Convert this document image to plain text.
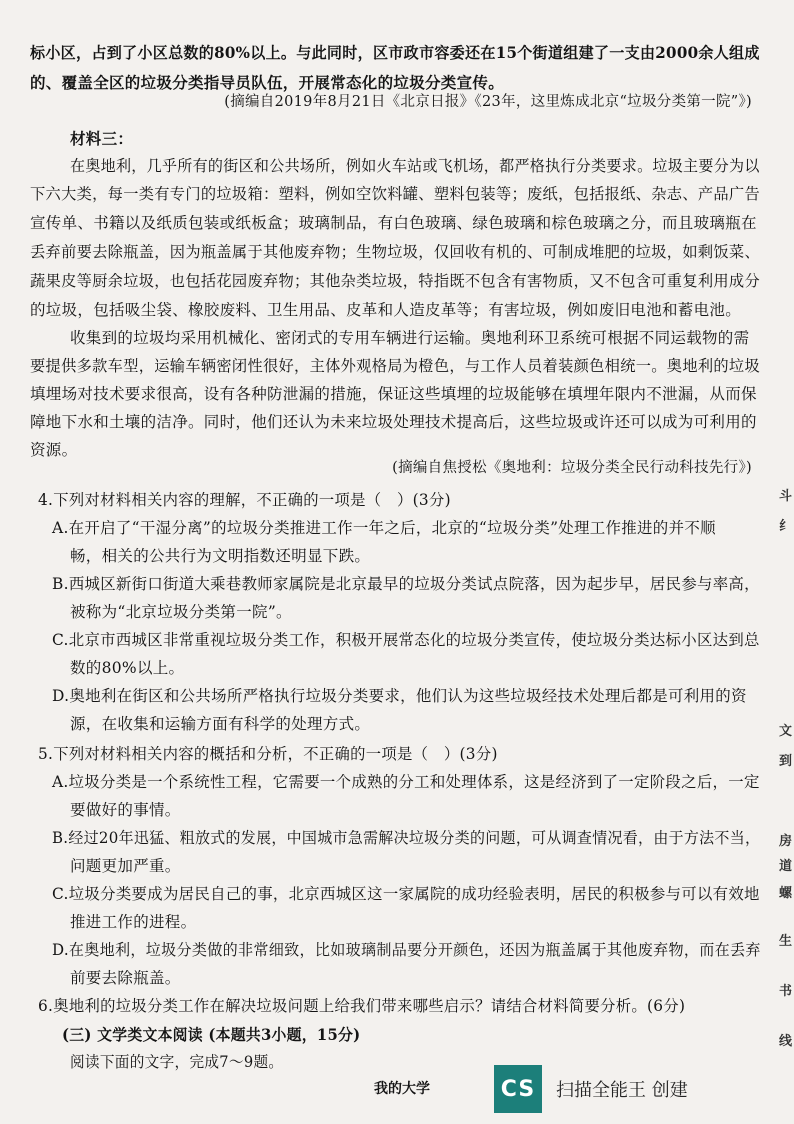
标小区，占到了小区总数的80%以上。与此同时，区市政市容委还在15个街道组建了一支由2000余人组成
的、覆盖全区的垃圾分类指导员队伍，开展常态化的垃圾分类宣传。
(摘编自2019年8月21日《北京日报》《23年，这里炼成北京“垃圾分类第一院”》)
材料三：
在奥地利，几乎所有的街区和公共场所，例如火车站或飞机场，都严格执行分类要求。垃圾主要分为以
下六大类，每一类有专门的垃圾箱：塑料，例如空饮料罐、塑料包装等；废纸，包括报纸、杂志、产品广告
宣传单、书籍以及纸质包装或纸板盒；玻璃制品，有白色玻璃、绿色玻璃和棕色玻璃之分，而且玻璃瓶在
丢弃前要去除瓶盖，因为瓶盖属于其他废弃物；生物垃圾，仅回收有机的、可制成堆肥的垃圾，如剩饭菜、
蔬果皮等厨余垃圾，也包括花园废弃物；其他杂类垃圾，特指既不包含有害物质，又不包含可重复利用成分
的垃圾，包括吸尘袋、橡胶废料、卫生用品、皮革和人造皮革等；有害垃圾，例如废旧电池和蓄电池。
收集到的垃圾均采用机械化、密闭式的专用车辆进行运输。奥地利环卫系统可根据不同运载物的需
要提供多款车型，运输车辆密闭性很好，主体外观格局为橙色，与工作人员着装颜色相统一。奥地利的垃圾
填埋场对技术要求很高，设有各种防泄漏的措施，保证这些填埋的垃圾能够在填埋年限内不泄漏，从而保
障地下水和土壤的洁净。同时，他们还认为未来垃圾处理技术提高后，这些垃圾或许还可以成为可利用的
资源。
(摘编自焦授松《奥地利：垃圾分类全民行动科技先行》)
4.下列对材料相关内容的理解，不正确的一项是（　）(3分)
A.在开启了“干湿分离”的垃圾分类推进工作一年之后，北京的“垃圾分类”处理工作推进的并不顺
畅，相关的公共行为文明指数还明显下跌。
B.西城区新街口街道大乘巷教师家属院是北京最早的垃圾分类试点院落，因为起步早，居民参与率高，
被称为“北京垃圾分类第一院”。
C.北京市西城区非常重视垃圾分类工作，积极开展常态化的垃圾分类宣传，使垃圾分类达标小区达到总
数的80%以上。
D.奥地利在街区和公共场所严格执行垃圾分类要求，他们认为这些垃圾经技术处理后都是可利用的资
源，在收集和运输方面有科学的处理方式。
5.下列对材料相关内容的概括和分析，不正确的一项是（　）(3分)
A.垃圾分类是一个系统性工程，它需要一个成熟的分工和处理体系，这是经济到了一定阶段之后，一定
要做好的事情。
B.经过20年迅猛、粗放式的发展，中国城市急需解决垃圾分类的问题，可从调查情况看，由于方法不当，
问题更加严重。
C.垃圾分类要成为居民自己的事，北京西城区这一家属院的成功经验表明，居民的积极参与可以有效地
推进工作的进程。
D.在奥地利，垃圾分类做的非常细致，比如玻璃制品要分开颜色，还因为瓶盖属于其他废弃物，而在丢弃
前要去除瓶盖。
6.奥地利的垃圾分类工作在解决垃圾问题上给我们带来哪些启示？请结合材料简要分析。(6分)
(三) 文学类文本阅读 (本题共3小题，15分)
阅读下面的文字，完成7～9题。
我的大学
斗
纟
文
到
房
道
螺
生
书
线
CS	扫描全能王 创建
